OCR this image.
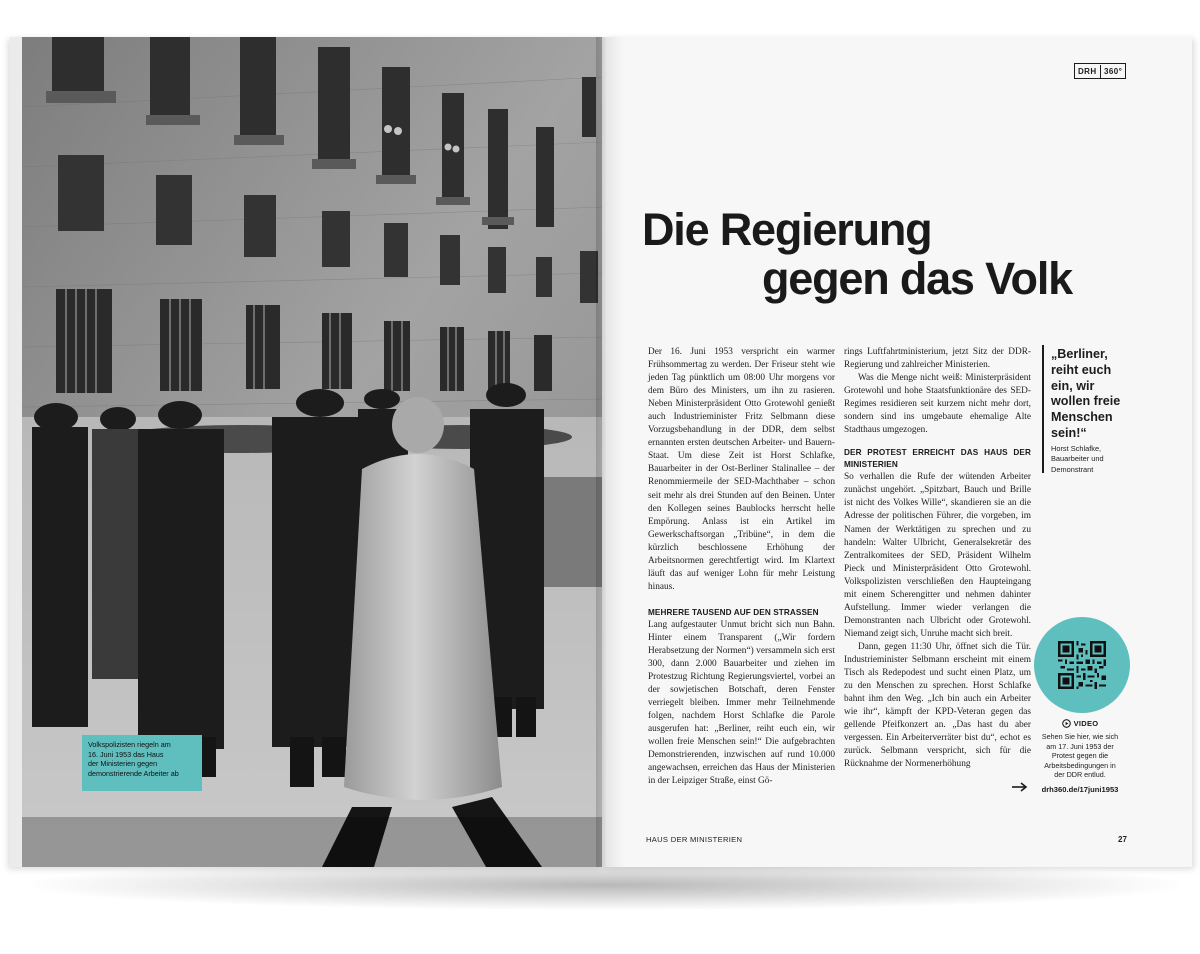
Volkspolizisten riegeln am
16. Juni 1953 das Haus
der Ministerien gegen
demonstrierende Arbeiter ab
DRH 360°
Die Regierung
gegen das Volk

Der 16. Juni 1953 verspricht ein warmer Frühsommertag zu werden. Der Friseur steht wie jeden Tag pünktlich um 08:00 Uhr morgens vor dem Büro des Ministers, um ihn zu rasieren. Neben Ministerpräsident Otto Grotewohl genießt auch Industrieminister Fritz Selbmann diese Vorzugsbehandlung in der DDR, dem selbst ernannten ersten deutschen Arbeiter- und Bauern-Staat. Um diese Zeit ist Horst Schlafke, Bauarbeiter in der Ost-Berliner Stalinallee – der Renommiermeile der SED-Machthaber – schon seit mehr als drei Stunden auf den Beinen. Unter den Kollegen seines Baublocks herrscht helle Empörung. Anlass ist ein Artikel im Gewerkschaftsorgan „Tribüne“, in dem die kürzlich beschlossene Erhöhung der Arbeitsnormen gerechtfertigt wird. Im Klartext läuft das auf weniger Lohn für mehr Leistung hinaus.

MEHRERE TAUSEND AUF DEN STRASSEN

Lang aufgestauter Unmut bricht sich nun Bahn. Hinter einem Transparent („Wir fordern Herabsetzung der Normen“) versammeln sich erst 300, dann 2.000 Bauarbeiter und ziehen im Protestzug Richtung Regierungsviertel, vorbei an der sowjetischen Botschaft, deren Fenster verriegelt bleiben. Immer mehr Teilnehmende folgen, nachdem Horst Schlafke die Parole ausgerufen hat: „Berliner, reiht euch ein, wir wollen freie Menschen sein!“ Die aufgebrachten Demonstrierenden, inzwischen auf rund 10.000 angewachsen, erreichen das Haus der Ministerien in der Leipziger Straße, einst Gö-

rings Luftfahrtministerium, jetzt Sitz der DDR-Regierung und zahlreicher Ministerien.

Was die Menge nicht weiß: Ministerpräsident Grotewohl und hohe Staatsfunktionäre des SED-Regimes residieren seit kurzem nicht mehr dort, sondern sind ins umgebaute ehemalige Alte Stadthaus umgezogen.

DER PROTEST ERREICHT DAS HAUS DER MINISTERIEN

So verhallen die Rufe der wütenden Arbeiter zunächst ungehört. „Spitzbart, Bauch und Brille ist nicht des Volkes Wille“, skandieren sie an die Adresse der politischen Führer, die vorgeben, im Namen der Werktätigen zu sprechen und zu handeln: Walter Ulbricht, Generalsekretär des Zentralkomitees der SED, Präsident Wilhelm Pieck und Ministerpräsident Otto Grotewohl. Volkspolizisten verschließen den Haupteingang mit einem Scherengitter und nehmen dahinter Aufstellung. Immer wieder verlangen die Demonstranten nach Ulbricht oder Grotewohl. Niemand zeigt sich, Unruhe macht sich breit.

Dann, gegen 11:30 Uhr, öffnet sich die Tür. Industrieminister Selbmann erscheint mit einem Tisch als Redepodest und sucht einen Platz, um zu den Menschen zu sprechen. Horst Schlafke bahnt ihm den Weg. „Ich bin auch ein Arbeiter wie ihr“, kämpft der KPD-Veteran gegen das gellende Pfeifkonzert an. „Das hast du aber vergessen. Ein Arbeiterverräter bist du“, echot es zurück. Selbmann verspricht, sich für die Rücknahme der Normenerhöhung

„Berliner, reiht euch ein, wir wollen freie Menschen sein!“
Horst Schlafke,
Bauarbeiter und
Demonstrant
VIDEO
Sehen Sie hier, wie sich
am 17. Juni 1953 der
Protest gegen die
Arbeitsbedingungen in
der DDR entlud.
drh360.de/17juni1953
HAUS DER MINISTERIEN	27
